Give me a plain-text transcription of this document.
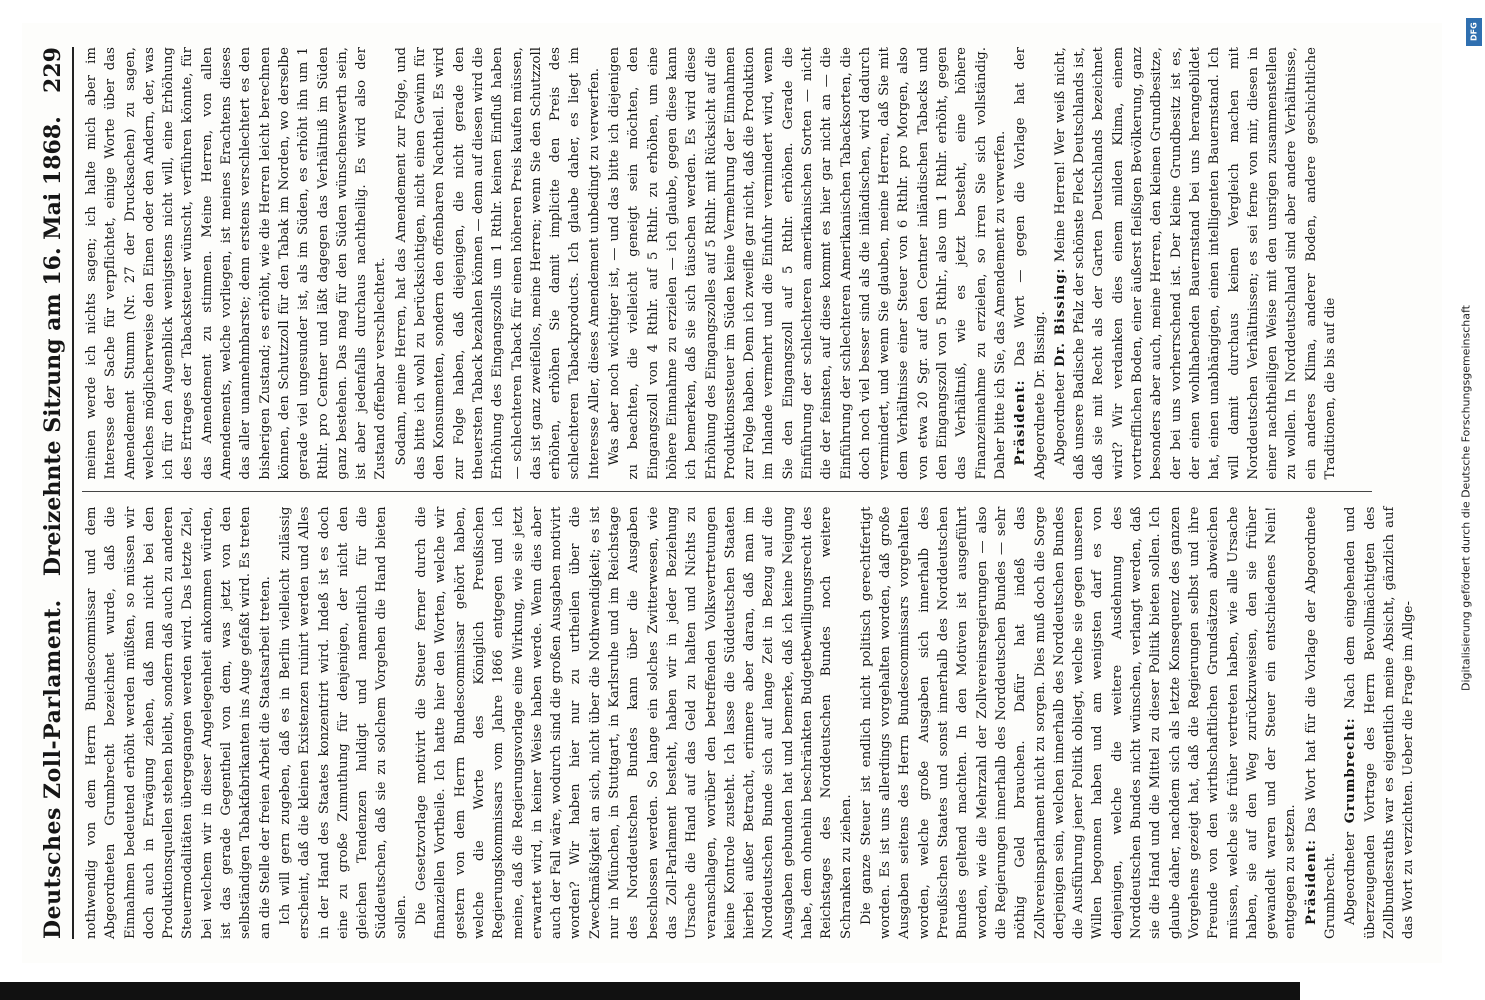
Deutsches Zoll-Parlament.
Dreizehnte Sitzung am 16. Mai 1868.
229

nothwendig von dem Herrn Bundescommissar und dem Abgeordneten Grumbrecht bezeichnet wurde, daß die Einnahmen bedeutend erhöht werden müßten, so müssen wir doch auch in Erwägung ziehen, daß man nicht bei den Produktionsquellen stehen bleibt, sondern daß auch zu anderen Steuermodalitäten übergegangen werden wird. Das letzte Ziel, bei welchem wir in dieser Angelegenheit ankommen würden, ist das gerade Gegentheil von dem, was jetzt von den selbständigen Tabakfabrikanten ins Auge gefaßt wird. Es treten an die Stelle der freien Arbeit die Staatsarbeit treten. Ich will gern zugeben, daß es in Berlin vielleicht zulässig erscheint, daß die kleinen Existenzen ruinirt werden und Alles in der Hand des Staates konzentrirt wird. Indeß ist es doch eine zu große Zumuthung für denjenigen, der nicht den gleichen Tendenzen huldigt und namentlich für die Süddeutschen, daß sie zu solchem Vorgehen die Hand bieten sollen. Die Gesetzvorlage motivirt die Steuer ferner durch die finanziellen Vortheile. Ich hatte hier den Worten, welche wir gestern von dem Herrn Bundescommissar gehört haben, welche die Worte des Königlich Preußischen Regierungskommissars vom Jahre 1866 entgegen und ich meine, daß die Regierungsvorlage eine Wirkung, wie sie jetzt erwartet wird, in keiner Weise haben werde. Wenn dies aber auch der Fall wäre, wodurch sind die großen Ausgaben motivirt worden? Wir haben hier nur zu urtheilen über die Zweckmäßigkeit an sich, nicht über die Nothwendigkeit; es ist nur in München, in Stuttgart, in Karlsruhe und im Reichstage des Norddeutschen Bundes kann über die Ausgaben beschlossen werden. So lange ein solches Zwitterwesen, wie das Zoll-Parlament besteht, haben wir in jeder Beziehung Ursache die Hand auf das Geld zu halten und Nichts zu veranschlagen, worüber den betreffenden Volksvertretungen keine Kontrole zusteht. Ich lasse die Süddeutschen Staaten hierbei außer Betracht, erinnere aber daran, daß man im Norddeutschen Bunde sich auf lange Zeit in Bezug auf die Ausgaben gebunden hat und bemerke, daß ich keine Neigung habe, dem ohnehin beschränkten Budgetbewilligungsrecht des Reichstages des Norddeutschen Bundes noch weitere Schranken zu ziehen. Die ganze Steuer ist endlich nicht politisch gerechtfertigt worden. Es ist uns allerdings vorgehalten worden, daß große Ausgaben seitens des Herrn Bundescommissars vorgehalten worden, welche große Ausgaben sich innerhalb des Preußischen Staates und sonst innerhalb des Norddeutschen Bundes geltend machten. In den Motiven ist ausgeführt worden, wie die Mehrzahl der Zollvereinsregierungen — also die Regierungen innerhalb des Norddeutschen Bundes — sehr nöthig Geld brauchen. Dafür hat indeß das Zollvereinsparlament nicht zu sorgen. Dies muß doch die Sorge derjenigen sein, welchen innerhalb des Norddeutschen Bundes die Ausführung jener Politik obliegt, welche sie gegen unseren Willen begonnen haben und am wenigsten darf es von denjenigen, welche die weitere Ausdehnung des Norddeutschen Bundes nicht wünschen, verlangt werden, daß sie die Hand und die Mittel zu dieser Politik bieten sollen. Ich glaube daher, nachdem sich als letzte Konsequenz des ganzen Vorgehens gezeigt hat, daß die Regierungen selbst und ihre Freunde von den wirthschaftlichen Grundsätzen abweichen müssen, welche sie früher vertreten haben, wie alle Ursache haben, sie auf den Weg zurückzuweisen, den sie früher gewandelt waren und der Steuer ein entschiedenes Nein! entgegen zu setzen. Präsident: Das Wort hat für die Vorlage der Abgeordnete Grumbrecht. Abgeordneter Grumbrecht: Nach dem eingehenden und überzeugenden Vortrage des Herrn Bevollmächtigten des Zollbundesraths war es eigentlich meine Absicht, gänzlich auf das Wort zu verzichten. Ueber die Frage im Allge-

meinen werde ich nichts sagen; ich halte mich aber im Interesse der Sache für verpflichtet, einige Worte über das Amendement Stumm (Nr. 27 der Drucksachen) zu sagen, welches möglicherweise den Einen oder den Andern, der, was ich für den Augenblick wenigstens nicht will, eine Erhöhung des Ertrages der Tabacksteuer wünscht, verführen könnte, für das Amendement zu stimmen. Meine Herren, von allen Amendements, welche vorliegen, ist meines Erachtens dieses das aller unannehmbarste; denn erstens verschlechtert es den bisherigen Zustand; es erhöht, wie die Herren leicht berechnen können, den Schutzzoll für den Tabak im Norden, wo derselbe gerade viel ungesunder ist, als im Süden, es erhöht ihn um 1 Rthlr. pro Centner und läßt dagegen das Verhältniß im Süden ganz bestehen. Das mag für den Süden wünschenswerth sein, ist aber jedenfalls durchaus nachtheilig. Es wird also der Zustand offenbar verschlechtert. Sodann, meine Herren, hat das Amendement zur Folge, und das bitte ich wohl zu berücksichtigen, nicht einen Gewinn für den Konsumenten, sondern den offenbaren Nachtheil. Es wird zur Folge haben, daß diejenigen, die nicht gerade den theuersten Taback bezahlen können — denn auf diesen wird die Erhöhung des Eingangszolls um 1 Rthlr. keinen Einfluß haben — schlechteren Taback für einen höheren Preis kaufen müssen, das ist ganz zweifellos, meine Herren; wenn Sie den Schutzzoll erhöhen, erhöhen Sie damit implicite den Preis des schlechteren Tabackproducts. Ich glaube daher, es liegt im Interesse Aller, dieses Amendement unbedingt zu verwerfen. Was aber noch wichtiger ist, — und das bitte ich diejenigen zu beachten, die vielleicht geneigt sein möchten, den Eingangszoll von 4 Rthlr. auf 5 Rthlr. zu erhöhen, um eine höhere Einnahme zu erzielen — ich glaube, gegen diese kann ich bemerken, daß sie sich täuschen werden. Es wird diese Erhöhung des Eingangszolles auf 5 Rthlr. mit Rücksicht auf die Produktionssteuer im Süden keine Vermehrung der Einnahmen zur Folge haben. Denn ich zweifle gar nicht, daß die Produktion im Inlande vermehrt und die Einfuhr vermindert wird, wenn Sie den Eingangszoll auf 5 Rthlr. erhöhen. Gerade die Einführung der schlechteren amerikanischen Sorten — nicht die der feinsten, auf diese kommt es hier gar nicht an — die Einführung der schlechteren Amerikanischen Tabacksorten, die doch noch viel besser sind als die inländischen, wird dadurch vermindert, und wenn Sie glauben, meine Herren, daß Sie mit dem Verhältnisse einer Steuer von 6 Rthlr. pro Morgen, also von etwa 20 Sgr. auf den Centner inländischen Tabacks und den Eingangszoll von 5 Rthlr., also um 1 Rthlr. erhöht, gegen das Verhältniß, wie es jetzt besteht, eine höhere Finanzeinnahme zu erzielen, so irren Sie sich vollständig. Daher bitte ich Sie, das Amendement zu verwerfen. Präsident: Das Wort — gegen die Vorlage hat der Abgeordnete Dr. Bissing. Abgeordneter Dr. Bissing: Meine Herren! Wer weiß nicht, daß unsere Badische Pfalz der schönste Fleck Deutschlands ist, daß sie mit Recht als der Garten Deutschlands bezeichnet wird? Wir verdanken dies einem milden Klima, einem vortrefflichen Boden, einer äußerst fleißigen Bevölkerung, ganz besonders aber auch, meine Herren, den kleinen Grundbesitze, der bei uns vorherrschend ist. Der kleine Grundbesitz ist es, der einen wohlhabenden Bauernstand bei uns herangebildet hat, einen unabhängigen, einen intelligenten Bauernstand. Ich will damit durchaus keinen Vergleich machen mit Norddeutschen Verhältnissen; es sei ferne von mir, diesen in einer nachtheiligen Weise mit den unsrigen zusammenstellen zu wollen. In Norddeutschland sind aber andere Verhältnisse, ein anderes Klima, anderer Boden, andere geschichtliche Traditionen, die bis auf die	Digitalisierung gefördert durch die Deutsche Forschungsgemeinschaft
DFG
